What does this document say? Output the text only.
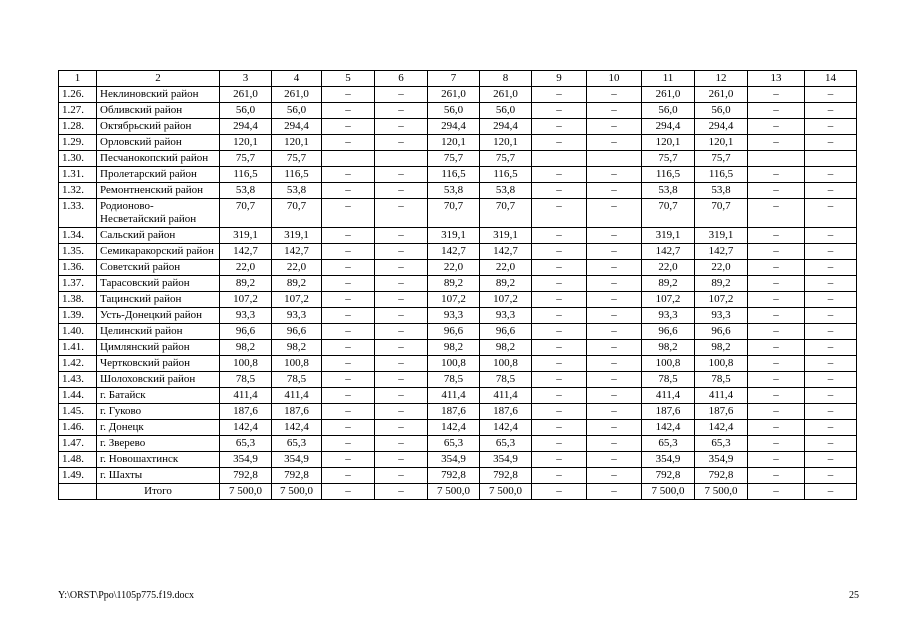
1	2	3	4	5	6	7	8	9	10	11	12	13	14
1.26.	Неклиновский район	261,0	261,0	–	–	261,0	261,0	–	–	261,0	261,0	–	–
1.27.	Обливский район	56,0	56,0	–	–	56,0	56,0	–	–	56,0	56,0	–	–
1.28.	Октябрьский район	294,4	294,4	–	–	294,4	294,4	–	–	294,4	294,4	–	–
1.29.	Орловский район	120,1	120,1	–	–	120,1	120,1	–	–	120,1	120,1	–	–
1.30.	Песчанокопский район	75,7	75,7			75,7	75,7			75,7	75,7		
1.31.	Пролетарский район	116,5	116,5	–	–	116,5	116,5	–	–	116,5	116,5	–	–
1.32.	Ремонтненский район	53,8	53,8	–	–	53,8	53,8	–	–	53,8	53,8	–	–
1.33.	Родионово-Несветайский район	70,7	70,7	–	–	70,7	70,7	–	–	70,7	70,7	–	–
1.34.	Сальский район	319,1	319,1	–	–	319,1	319,1	–	–	319,1	319,1	–	–
1.35.	Семикаракорский район	142,7	142,7	–	–	142,7	142,7	–	–	142,7	142,7	–	–
1.36.	Советский район	22,0	22,0	–	–	22,0	22,0	–	–	22,0	22,0	–	–
1.37.	Тарасовский район	89,2	89,2	–	–	89,2	89,2	–	–	89,2	89,2	–	–
1.38.	Тацинский район	107,2	107,2	–	–	107,2	107,2	–	–	107,2	107,2	–	–
1.39.	Усть-Донецкий район	93,3	93,3	–	–	93,3	93,3	–	–	93,3	93,3	–	–
1.40.	Целинский район	96,6	96,6	–	–	96,6	96,6	–	–	96,6	96,6	–	–
1.41.	Цимлянский район	98,2	98,2	–	–	98,2	98,2	–	–	98,2	98,2	–	–
1.42.	Чертковский район	100,8	100,8	–	–	100,8	100,8	–	–	100,8	100,8	–	–
1.43.	Шолоховский район	78,5	78,5	–	–	78,5	78,5	–	–	78,5	78,5	–	–
1.44.	г. Батайск	411,4	411,4	–	–	411,4	411,4	–	–	411,4	411,4	–	–
1.45.	г. Гуково	187,6	187,6	–	–	187,6	187,6	–	–	187,6	187,6	–	–
1.46.	г. Донецк	142,4	142,4	–	–	142,4	142,4	–	–	142,4	142,4	–	–
1.47.	г. Зверево	65,3	65,3	–	–	65,3	65,3	–	–	65,3	65,3	–	–
1.48.	г. Новошахтинск	354,9	354,9	–	–	354,9	354,9	–	–	354,9	354,9	–	–
1.49.	г. Шахты	792,8	792,8	–	–	792,8	792,8	–	–	792,8	792,8	–	–
	Итого	7 500,0	7 500,0	–	–	7 500,0	7 500,0	–	–	7 500,0	7 500,0	–	–
Y:\ORST\Ppo\1105p775.f19.docx	25
